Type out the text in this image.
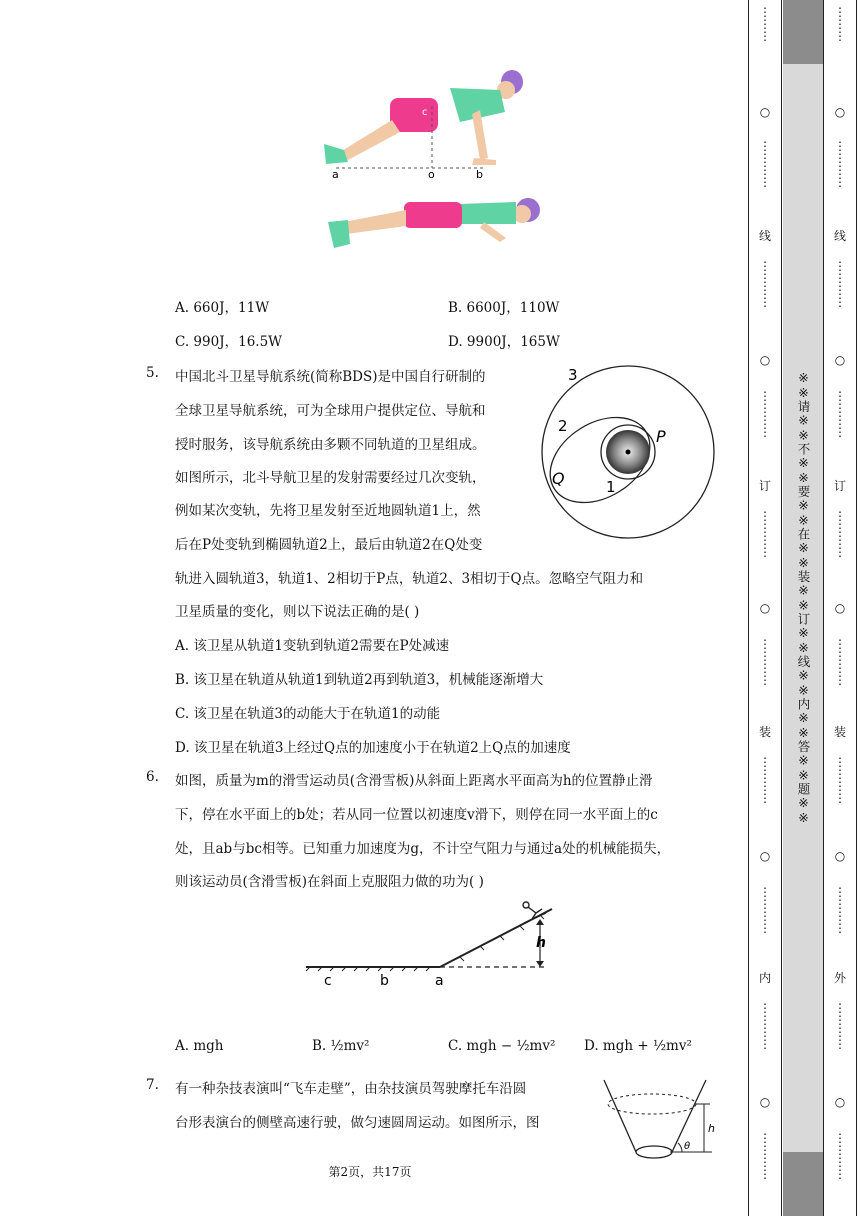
c
a	o	b
A. 660J，11W	B. 6600J，110W
C. 990J，16.5W	D. 9900J，165W
5. 中国北斗卫星导航系统(简称BDS)是中国自行研制的
全球卫星导航系统，可为全球用户提供定位、导航和
授时服务，该导航系统由多颗不同轨道的卫星组成。
如图所示，北斗导航卫星的发射需要经过几次变轨，
例如某次变轨，先将卫星发射至近地圆轨道1上，然
后在P处变轨到椭圆轨道2上，最后由轨道2在Q处变
轨进入圆轨道3，轨道1、2相切于P点，轨道2、3相切于Q点。忽略空气阻力和
卫星质量的变化，则以下说法正确的是( )
3
2
1
P
Q
A. 该卫星从轨道1变轨到轨道2需要在P处减速
B. 该卫星在轨道从轨道1到轨道2再到轨道3，机械能逐渐增大
C. 该卫星在轨道3的动能大于在轨道1的动能
D. 该卫星在轨道3上经过Q点的加速度小于在轨道2上Q点的加速度
6. 如图，质量为m的滑雪运动员(含滑雪板)从斜面上距离水平面高为h的位置静止滑
下，停在水平面上的b处；若从同一位置以初速度v滑下，则停在同一水平面上的c
处，且ab与bc相等。已知重力加速度为g，不计空气阻力与通过a处的机械能损失，
则该运动员(含滑雪板)在斜面上克服阻力做的功为( )
h
c	b	a
A. mgh	B. ½mv²	C. mgh − ½mv² D. mgh + ½mv²
7. 有一种杂技表演叫“飞车走壁”，由杂技演员驾驶摩托车沿圆
台形表演台的侧壁高速行驶，做匀速圆周运动。如图所示，图	h
θ
第2页，共17页
⋮
⋮
⋮
○
⋮
⋮
⋮
⋮
线
⋮
⋮
⋮
⋮
○
⋮
⋮
⋮
⋮
订
⋮
⋮
⋮
⋮
○
⋮
⋮
⋮
⋮
装
⋮
⋮
⋮
⋮
○
⋮
⋮
⋮
⋮
内
⋮
⋮
⋮
⋮
○
⋮
⋮
⋮
⋮
※※请※※不※※要※※在※※装※※订※※线※※内※※答※※题※※
⋮
⋮
⋮
○
⋮
⋮
⋮
⋮
线
⋮
⋮
⋮
⋮
○
⋮
⋮
⋮
⋮
订
⋮
⋮
⋮
⋮
○
⋮
⋮
⋮
⋮
装
⋮
⋮
⋮
⋮
○
⋮
⋮
⋮
⋮
外
⋮
⋮
⋮
⋮
○
⋮
⋮
⋮
⋮
